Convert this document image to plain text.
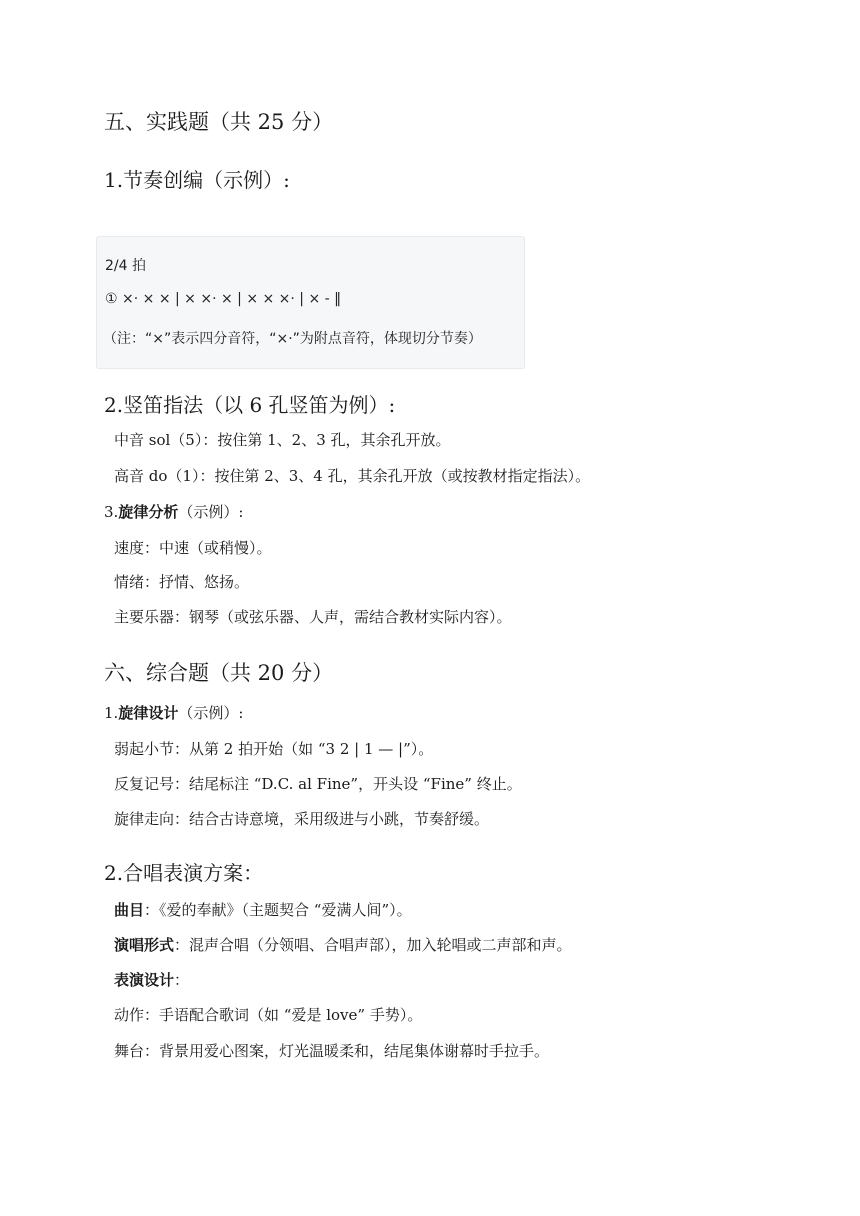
五、实践题（共 25 分）
1.节奏创编（示例）:
2/4 拍
① ×· × × | × ×· × | × × ×· | × - ‖
（注：“×”表示四分音符，“×·”为附点音符，体现切分节奏）
2.竖笛指法（以 6 孔竖笛为例）:
中音 sol（5）：按住第 1、2、3 孔，其余孔开放。
高音 do（1）：按住第 2、3、4 孔，其余孔开放（或按教材指定指法）。
3.旋律分析（示例）:
速度：中速（或稍慢）。
情绪：抒情、悠扬。
主要乐器：钢琴（或弦乐器、人声，需结合教材实际内容）。
六、综合题（共 20 分）
1.旋律设计（示例）:
弱起小节：从第 2 拍开始（如 “3 2 | 1 — |”）。
反复记号：结尾标注 “D.C. al Fine”，开头设 “Fine” 终止。
旋律走向：结合古诗意境，采用级进与小跳，节奏舒缓。
2.合唱表演方案：
曲目：《爱的奉献》（主题契合 “爱满人间”）。
演唱形式：混声合唱（分领唱、合唱声部），加入轮唱或二声部和声。
表演设计：
动作：手语配合歌词（如 “爱是 love” 手势）。
舞台：背景用爱心图案，灯光温暖柔和，结尾集体谢幕时手拉手。
